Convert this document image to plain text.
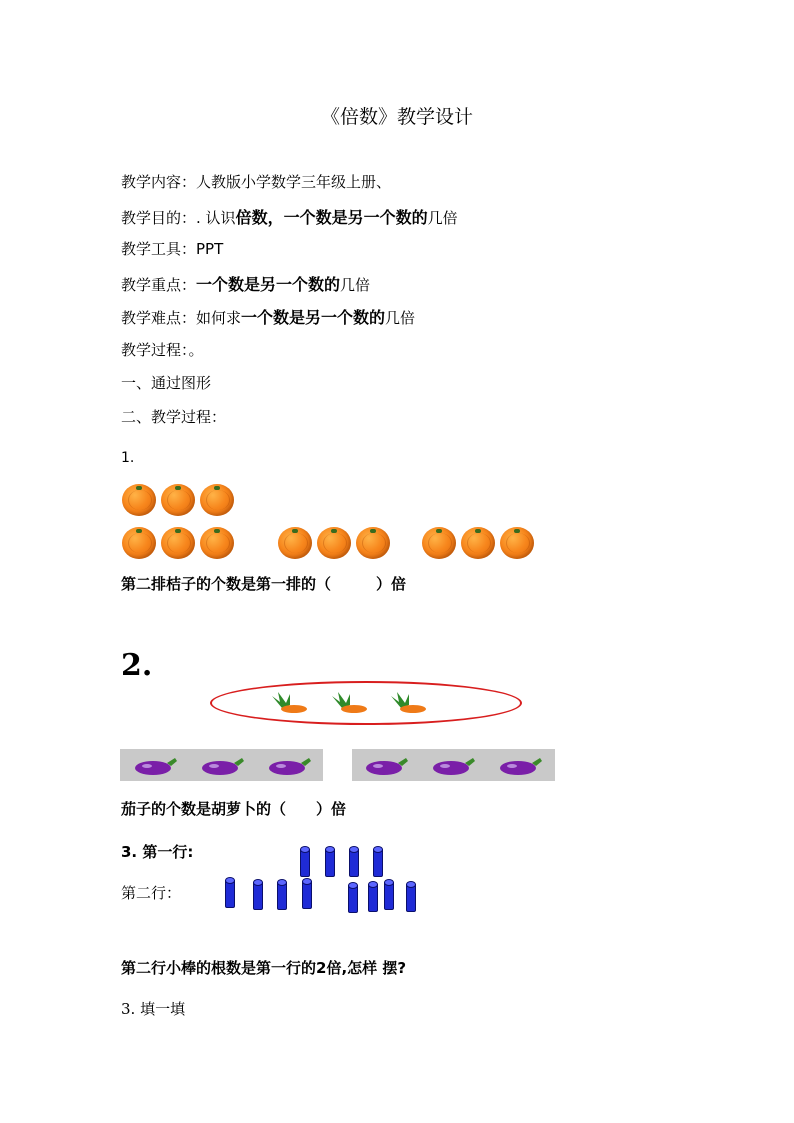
《倍数》教学设计
教学内容：人教版小学数学三年级上册、
教学目的：. 认识倍数，一个数是另一个数的几倍
教学工具：PPT
教学重点：一个数是另一个数的几倍
教学难点：如何求一个数是另一个数的几倍
教学过程：。
一、通过图形
二、教学过程：
1.
第二排桔子的个数是第一排的（　　　）倍
2.
茄子的个数是胡萝卜的（　　）倍
3. 第一行:
第二行：
第二行小棒的根数是第一行的2倍,怎样 摆?
3. 填一填
